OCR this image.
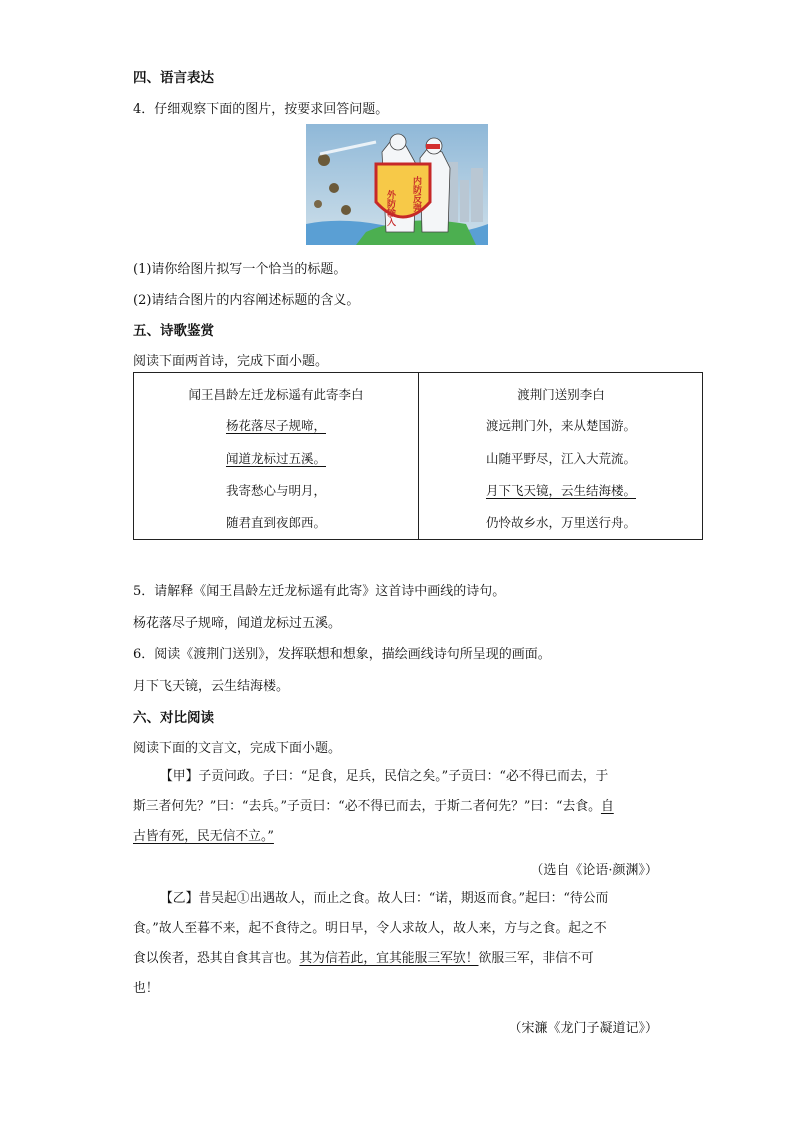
四、语言表达
4．仔细观察下面的图片，按要求回答问题。
外防输入 内防反弹
(1)请你给图片拟写一个恰当的标题。
(2)请结合图片的内容阐述标题的含义。
五、诗歌鉴赏
阅读下面两首诗，完成下面小题。
闻王昌龄左迁龙标遥有此寄李白
杨花落尽子规啼，
闻道龙标过五溪。
我寄愁心与明月，
随君直到夜郎西。
渡荆门送别李白
渡远荆门外，来从楚国游。
山随平野尽，江入大荒流。
月下飞天镜，云生结海楼。
仍怜故乡水，万里送行舟。
5．请解释《闻王昌龄左迁龙标遥有此寄》这首诗中画线的诗句。
杨花落尽子规啼，闻道龙标过五溪。
6．阅读《渡荆门送别》，发挥联想和想象，描绘画线诗句所呈现的画面。
月下飞天镜，云生结海楼。
六、对比阅读
阅读下面的文言文，完成下面小题。
【甲】子贡问政。子曰：“足食，足兵，民信之矣。”子贡曰：“必不得已而去，于
斯三者何先？”曰：“去兵。”子贡曰：“必不得已而去，于斯二者何先？”曰：“去食。自
古皆有死，民无信不立。”
（选自《论语·颜渊》）
【乙】昔吴起①出遇故人，而止之食。故人曰：“诺，期返而食。”起曰：“待公而
食。”故人至暮不来，起不食待之。明日早，令人求故人，故人来，方与之食。起之不
食以俟者，恐其自食其言也。其为信若此，宜其能服三军欤！欲服三军，非信不可
也！
（宋濂《龙门子凝道记》）
